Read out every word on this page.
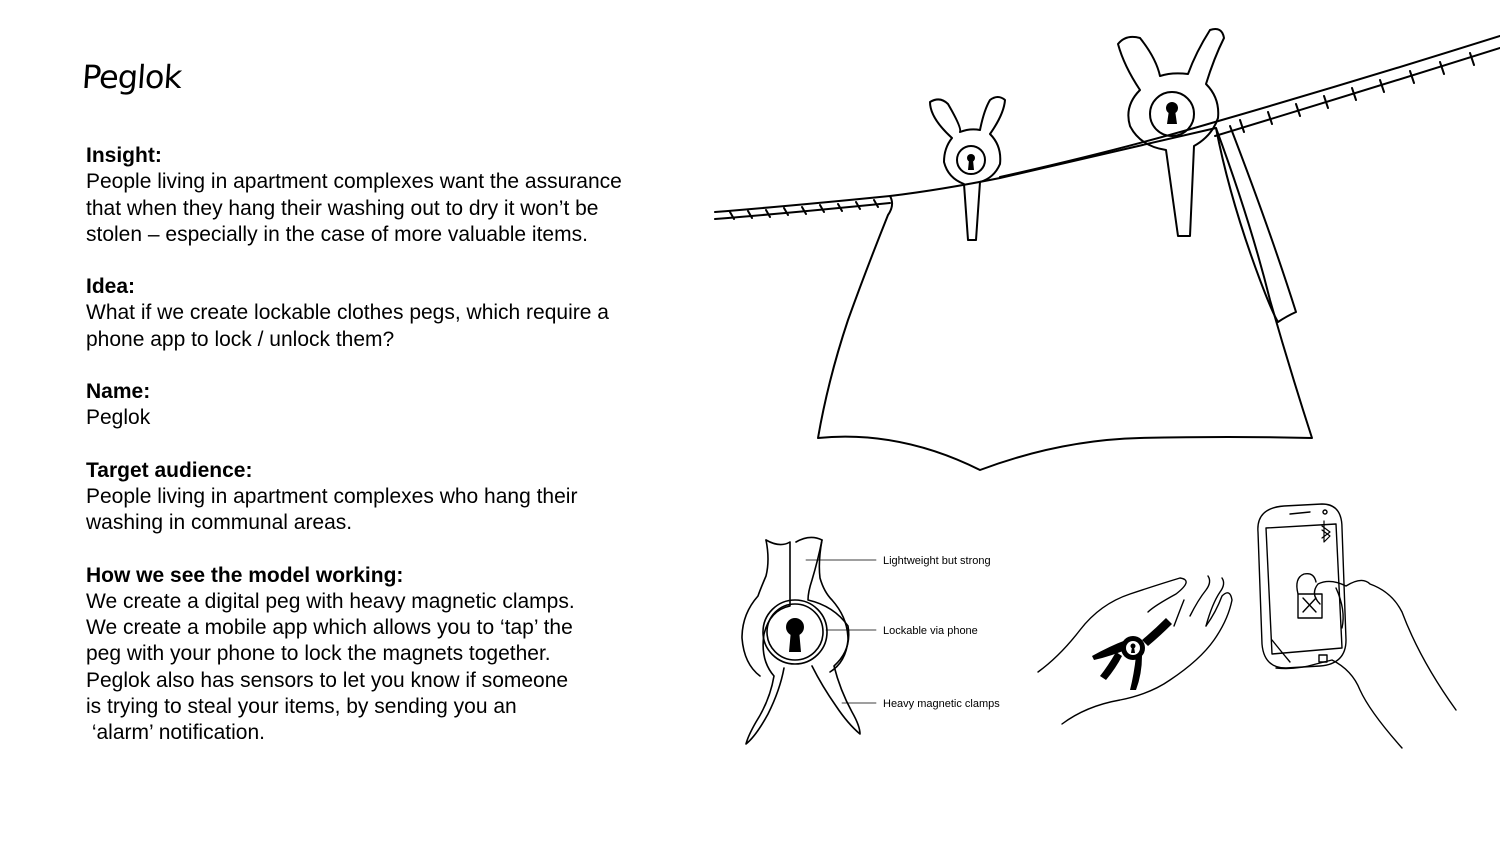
Peglok
Insight:
People living in apartment complexes want the assurance that when they hang their washing out to dry it won’t be stolen – especially in the case of more valuable items.
Idea:
What if we create lockable clothes pegs, which require a phone app to lock / unlock them?
Name:
Peglok
Target audience:
People living in apartment complexes who hang their washing in communal areas.
How we see the model working:
We create a digital peg with heavy magnetic clamps.
We create a mobile app which allows you to ‘tap’ the
peg with your phone to lock the magnets together.
Peglok also has sensors to let you know if someone
is trying to steal your items, by sending you an
‘alarm’ notification.
Lightweight but strong
Lockable via phone
Heavy magnetic clamps
